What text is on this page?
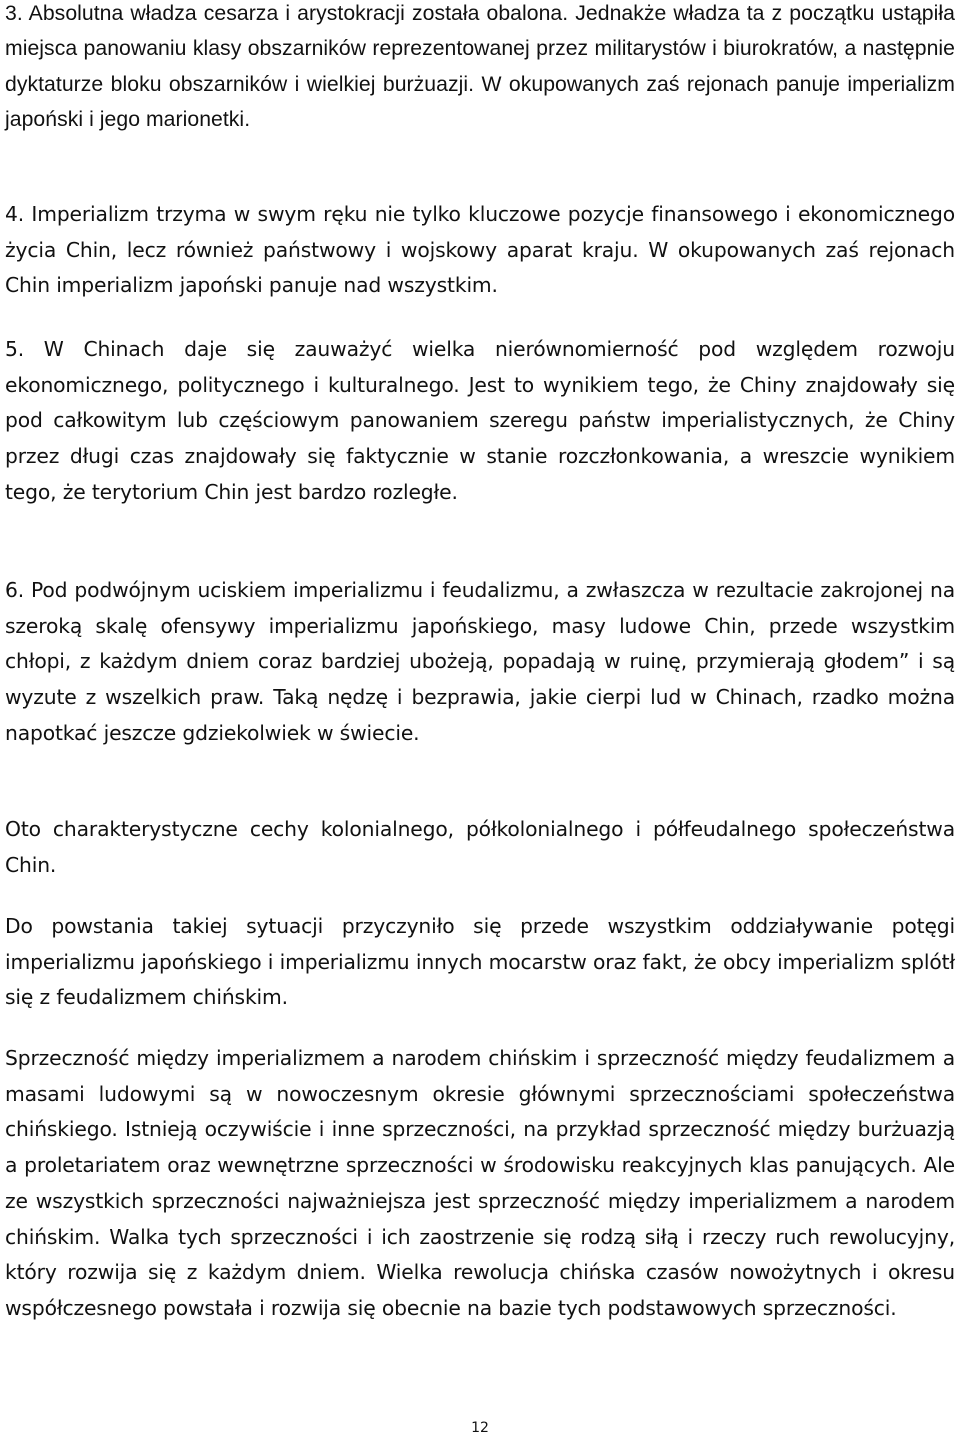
3. Absolutna władza cesarza i arystokracji została obalona. Jednakże władza ta z początku ustąpiła miejsca panowaniu klasy obszarników reprezentowanej przez militarystów i biurokratów, a następnie dyktaturze bloku obszarników i wielkiej burżuazji. W okupowanych zaś rejonach panuje imperializm japoński i jego marionetki.

4. Imperializm trzyma w swym ręku nie tylko kluczowe pozycje finansowego i ekonomicznego życia Chin, lecz również państwowy i wojskowy aparat kraju. W okupowanych zaś rejonach Chin imperializm japoński panuje nad wszystkim.

5. W Chinach daje się zauważyć wielka nierównomierność pod względem rozwoju ekonomicznego, politycznego i kulturalnego. Jest to wynikiem tego, że Chiny znajdowały się pod całkowitym lub częściowym panowaniem szeregu państw imperialistycznych, że Chiny przez długi czas znajdowały się faktycznie w stanie rozczłonkowania, a wreszcie wynikiem tego, że terytorium Chin jest bardzo rozległe.

6. Pod podwójnym uciskiem imperializmu i feudalizmu, a zwłaszcza w rezultacie zakrojonej na szeroką skalę ofensywy imperializmu japońskiego, masy ludowe Chin, przede wszystkim chłopi, z każdym dniem coraz bardziej ubożeją, popadają w ruinę, przymierają głodem” i są wyzute z wszelkich praw. Taką nędzę i bezprawia, jakie cierpi lud w Chinach, rzadko można napotkać jeszcze gdziekolwiek w świecie.

Oto charakterystyczne cechy kolonialnego, półkolonialnego i półfeudalnego społeczeństwa Chin.

Do powstania takiej sytuacji przyczyniło się przede wszystkim oddziaływanie potęgi imperializmu japońskiego i imperializmu innych mocarstw oraz fakt, że obcy imperializm splótł się z feudalizmem chińskim.

Sprzeczność między imperializmem a narodem chińskim i sprzeczność między feudalizmem a masami ludowymi są w nowoczesnym okresie głównymi sprzecznościami społeczeństwa chińskiego. Istnieją oczywiście i inne sprzeczności, na przykład sprzeczność między burżuazją a proletariatem oraz wewnętrzne sprzeczności w środowisku reakcyjnych klas panujących. Ale ze wszystkich sprzeczności najważniejsza jest sprzeczność między imperializmem a narodem chińskim. Walka tych sprzeczności i ich zaostrzenie się rodzą siłą i rzeczy ruch rewolucyjny, który rozwija się z każdym dniem. Wielka rewolucja chińska czasów nowożytnych i okresu współczesnego powstała i rozwija się obecnie na bazie tych podstawowych sprzeczności.

12
